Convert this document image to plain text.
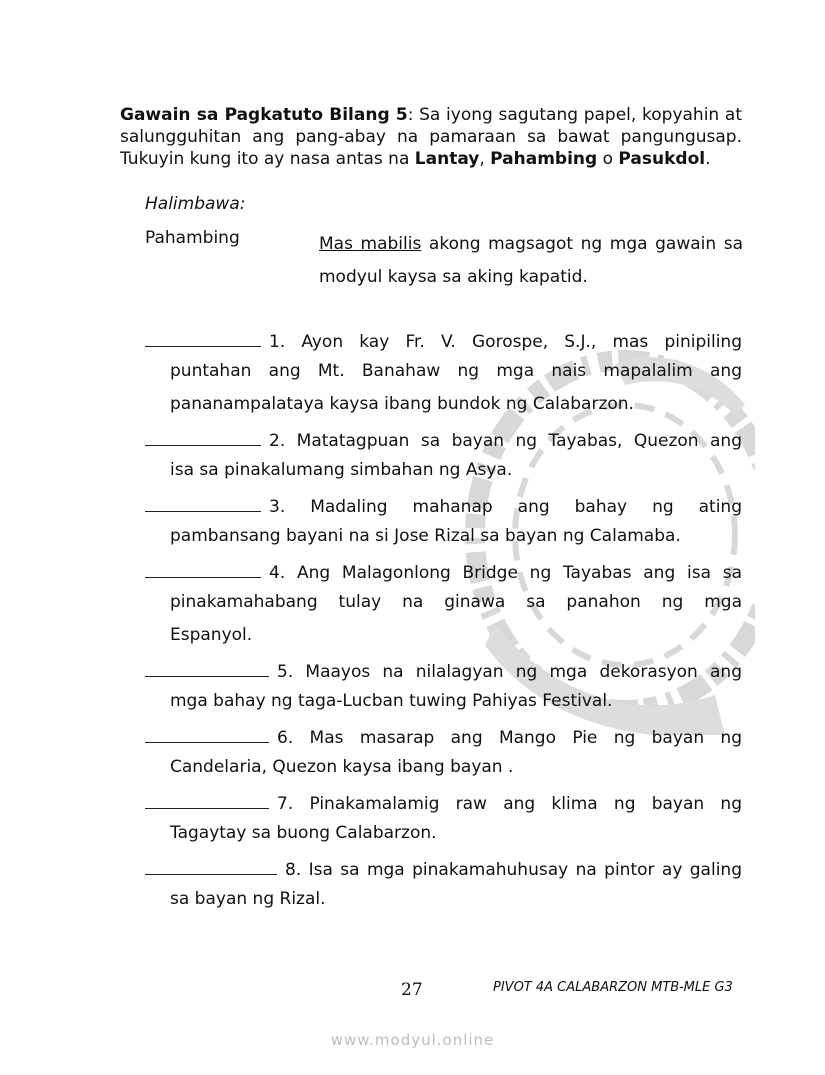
Gawain sa Pagkatuto Bilang 5: Sa iyong sagutang papel, kopyahin at salungguhitan ang pang-abay na pamaraan sa bawat pangungusap. Tukuyin kung ito ay nasa antas na Lantay, Pahambing o Pasukdol.
Halimbawa:
Pahambing	Mas mabilis akong magsagot ng mga gawain sa modyul kaysa sa aking kapatid.
1. Ayon kay Fr. V. Gorospe, S.J., mas pinipiling
puntahan ang Mt. Banahaw ng mga nais mapalalim ang
pananampalataya kaysa ibang bundok ng Calabarzon.
2. Matatagpuan sa bayan ng Tayabas, Quezon ang
isa sa pinakalumang simbahan ng Asya.
3. Madaling mahanap ang bahay ng ating
pambansang bayani na si Jose Rizal sa bayan ng Calamaba.
4. Ang Malagonlong Bridge ng Tayabas ang isa sa
pinakamahabang tulay na ginawa sa panahon ng mga
Espanyol.
5. Maayos na nilalagyan ng mga dekorasyon ang
mga bahay ng taga-Lucban tuwing Pahiyas Festival.
6. Mas masarap ang Mango Pie ng bayan ng
Candelaria, Quezon kaysa ibang bayan .
7. Pinakamalamig raw ang klima ng bayan ng
Tagaytay sa buong Calabarzon.
8. Isa sa mga pinakamahuhusay na pintor ay galing
sa bayan ng Rizal.
27	PIVOT 4A CALABARZON MTB-MLE G3
www.modyul.online
